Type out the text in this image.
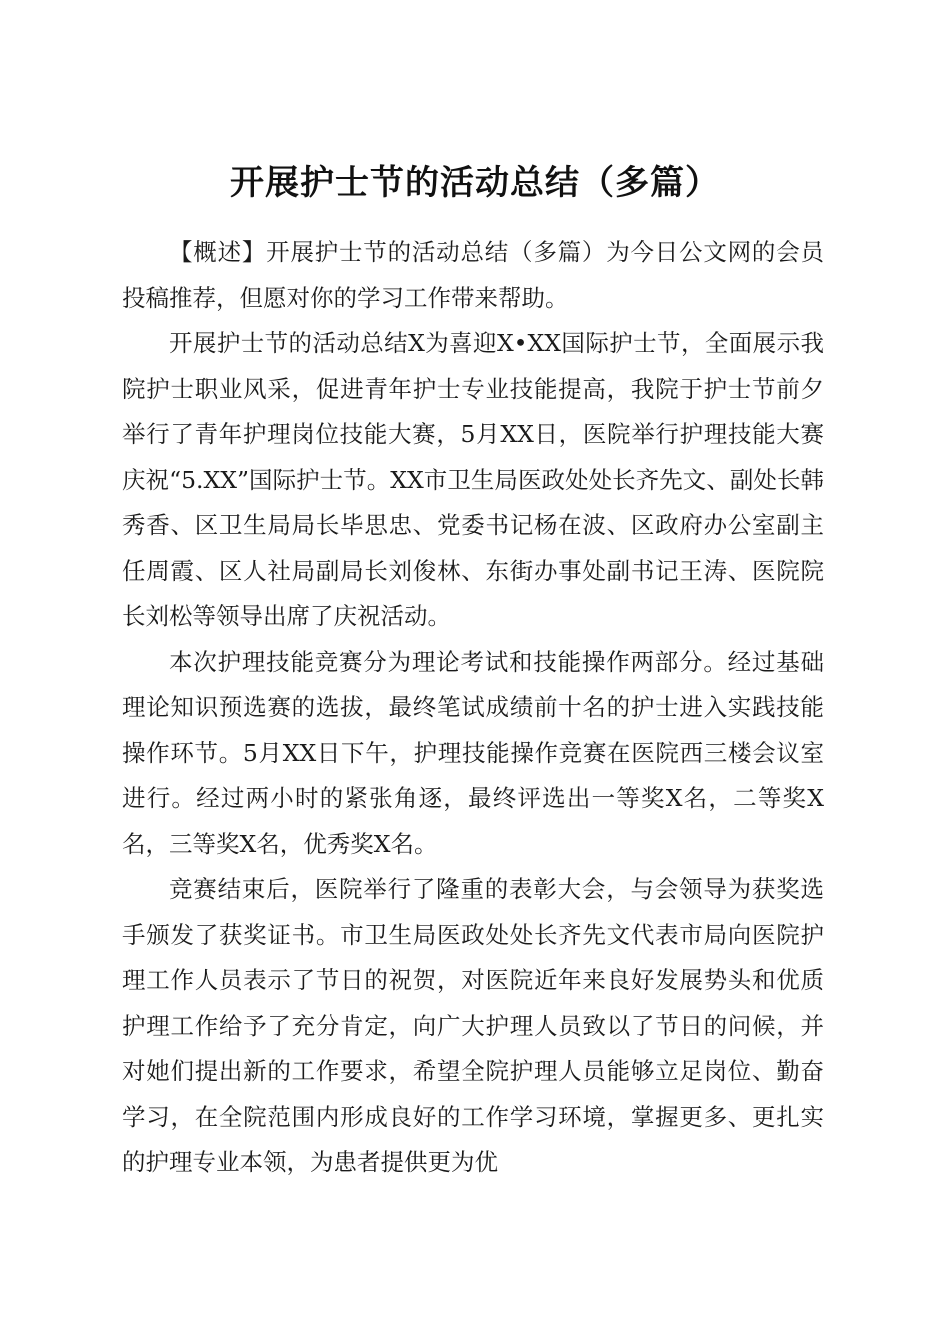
开展护士节的活动总结（多篇）

【概述】开展护士节的活动总结（多篇）为今日公文网的会员投稿推荐，但愿对你的学习工作带来帮助。

开展护士节的活动总结X为喜迎X•XX国际护士节，全面展示我院护士职业风采，促进青年护士专业技能提高，我院于护士节前夕举行了青年护理岗位技能大赛，5月XX日，医院举行护理技能大赛庆祝“5.XX”国际护士节。XX市卫生局医政处处长齐先文、副处长韩秀香、区卫生局局长毕思忠、党委书记杨在波、区政府办公室副主任周霞、区人社局副局长刘俊林、东街办事处副书记王涛、医院院长刘松等领导出席了庆祝活动。

本次护理技能竞赛分为理论考试和技能操作两部分。经过基础理论知识预选赛的选拔，最终笔试成绩前十名的护士进入实践技能操作环节。5月XX日下午，护理技能操作竞赛在医院西三楼会议室进行。经过两小时的紧张角逐，最终评选出一等奖X名，二等奖X名，三等奖X名，优秀奖X名。

竞赛结束后，医院举行了隆重的表彰大会，与会领导为获奖选手颁发了获奖证书。市卫生局医政处处长齐先文代表市局向医院护理工作人员表示了节日的祝贺，对医院近年来良好发展势头和优质护理工作给予了充分肯定，向广大护理人员致以了节日的问候，并对她们提出新的工作要求，希望全院护理人员能够立足岗位、勤奋学习，在全院范围内形成良好的工作学习环境，掌握更多、更扎实的护理专业本领，为患者提供更为优
